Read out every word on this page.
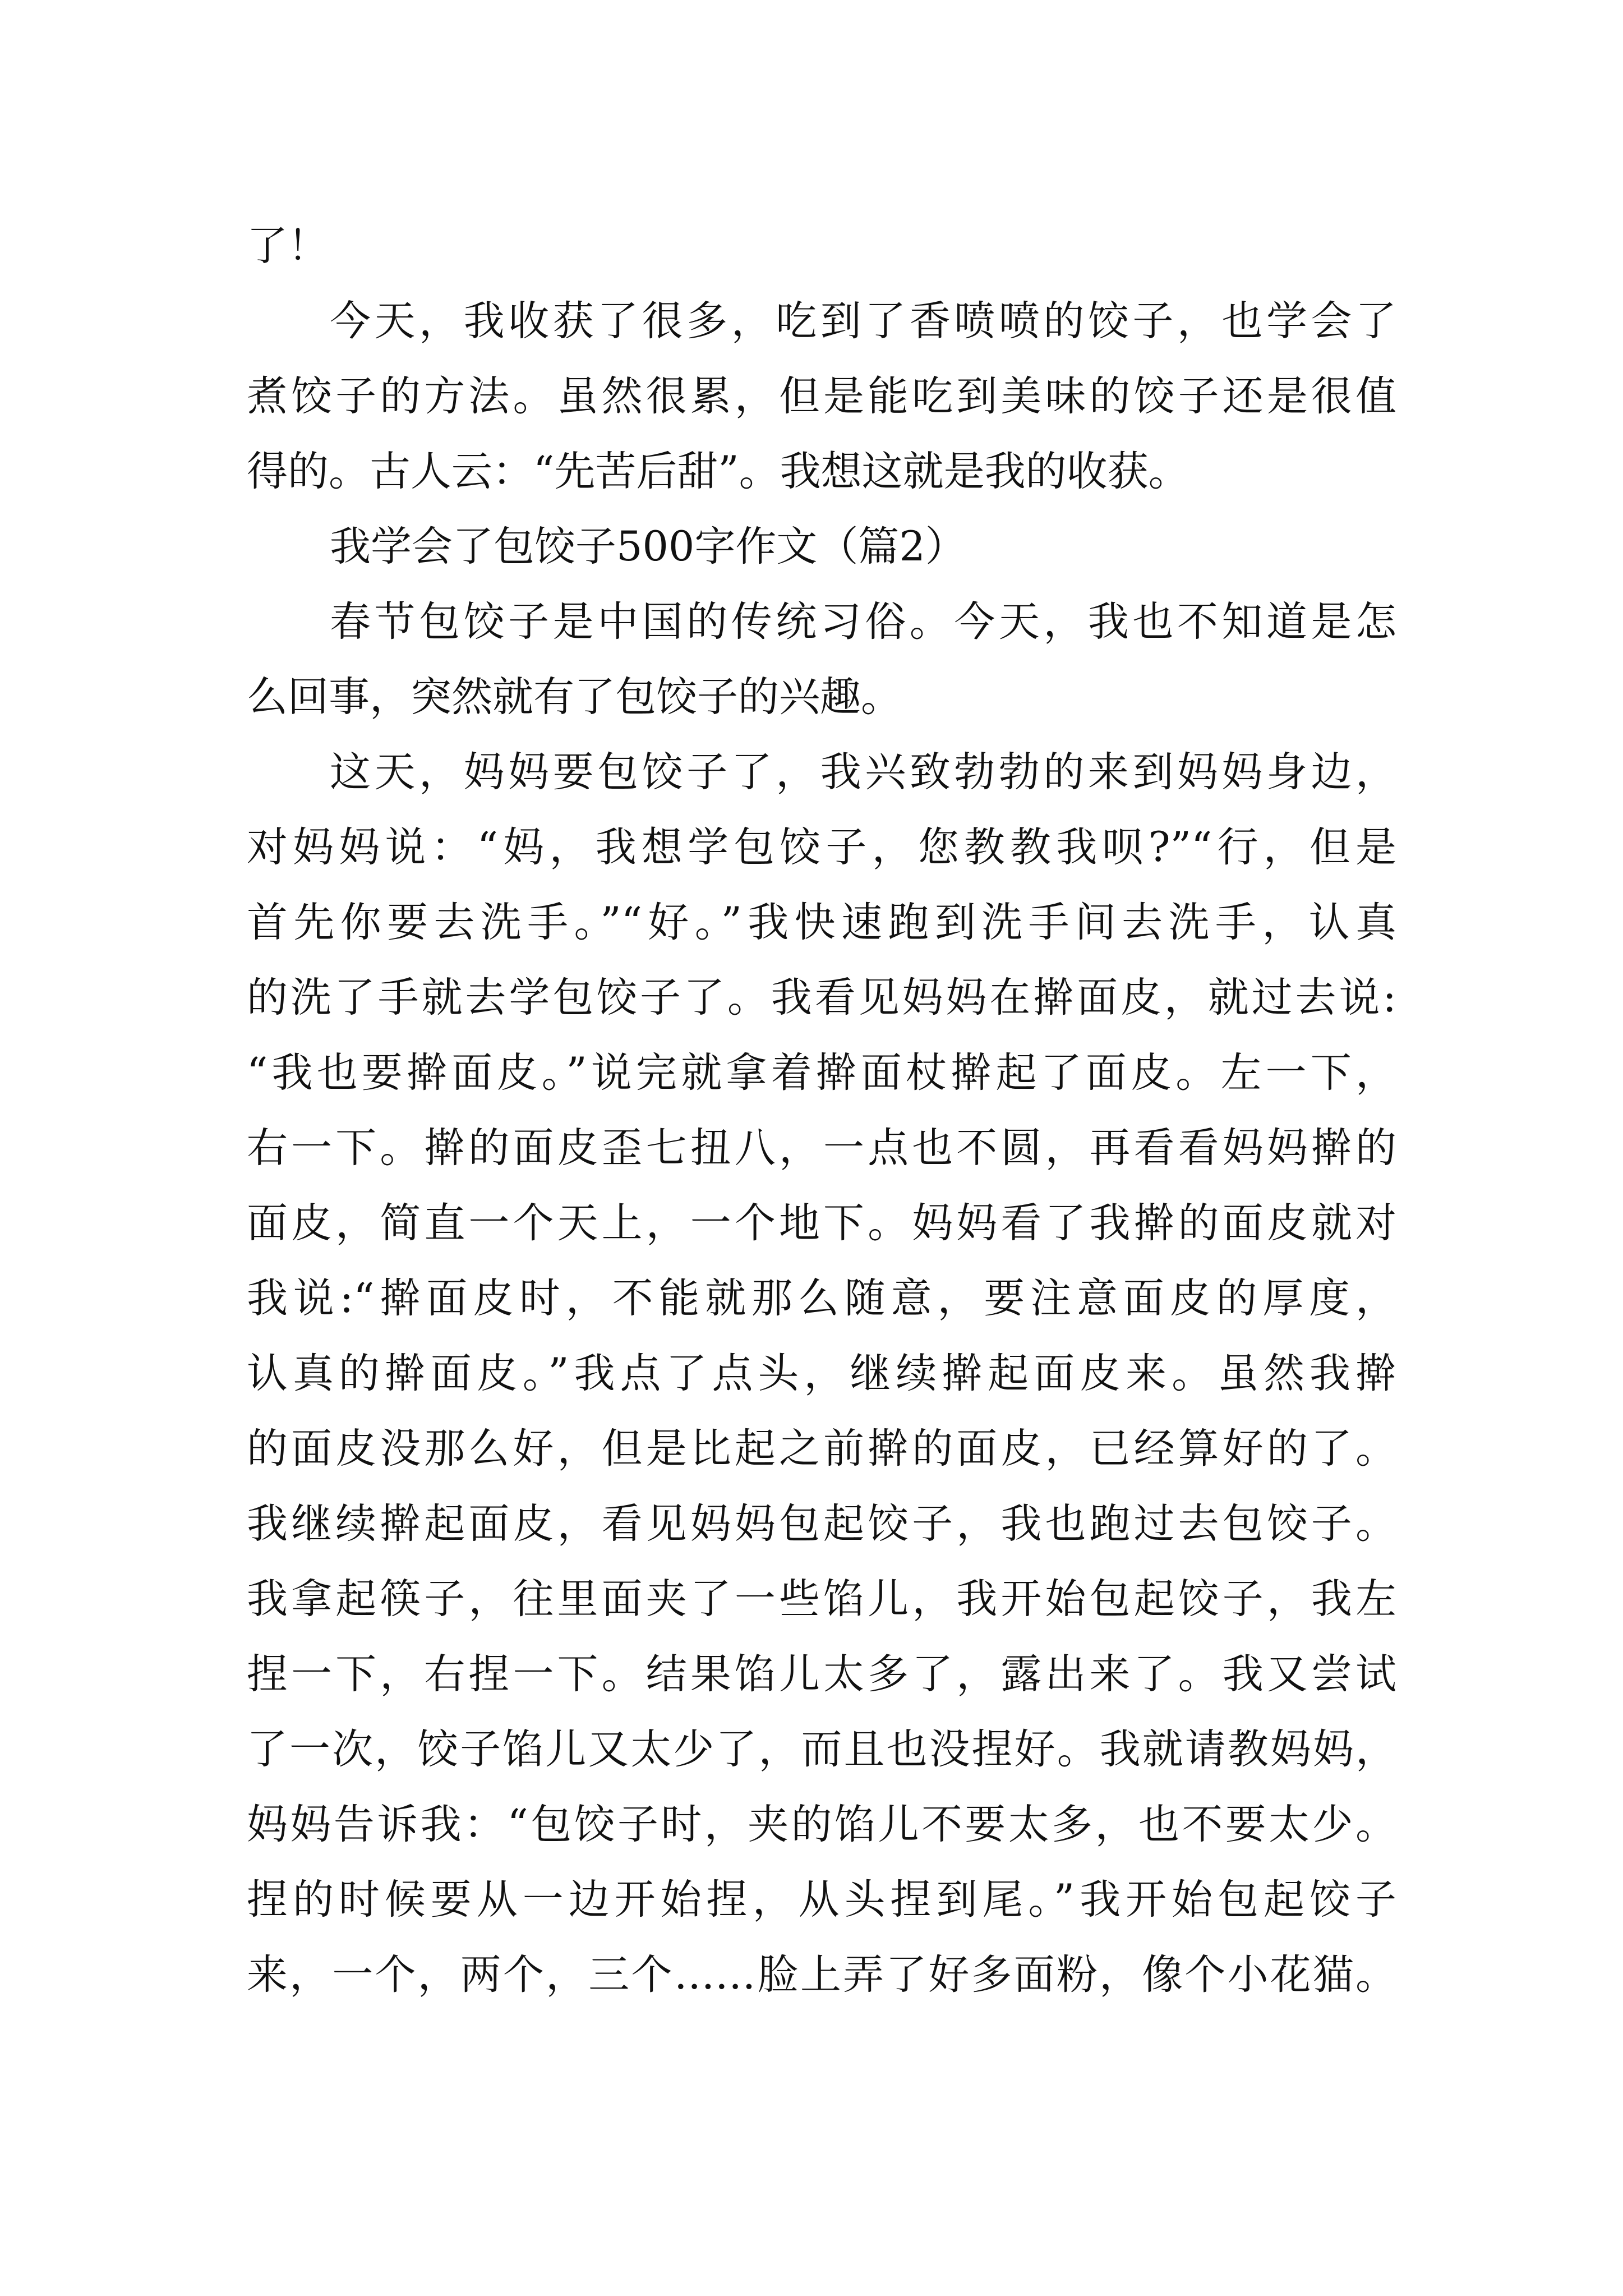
了！
今天，我收获了很多，吃到了香喷喷的饺子，也学会了
煮饺子的方法。虽然很累，但是能吃到美味的饺子还是很值
得的。古人云：“先苦后甜”。我想这就是我的收获。
我学会了包饺子500字作文（篇2）
春节包饺子是中国的传统习俗。今天，我也不知道是怎
么回事，突然就有了包饺子的兴趣。
这天，妈妈要包饺子了，我兴致勃勃的来到妈妈身边，
对妈妈说：“妈，我想学包饺子，您教教我呗?”“行，但是
首先你要去洗手。”“好。”我快速跑到洗手间去洗手，认真
的洗了手就去学包饺子了。我看见妈妈在擀面皮，就过去说:
“我也要擀面皮。”说完就拿着擀面杖擀起了面皮。左一下，
右一下。擀的面皮歪七扭八，一点也不圆，再看看妈妈擀的
面皮，简直一个天上，一个地下。妈妈看了我擀的面皮就对
我说:“擀面皮时，不能就那么随意，要注意面皮的厚度，
认真的擀面皮。”我点了点头，继续擀起面皮来。虽然我擀
的面皮没那么好，但是比起之前擀的面皮，已经算好的了。
我继续擀起面皮，看见妈妈包起饺子，我也跑过去包饺子。
我拿起筷子，往里面夹了一些馅儿，我开始包起饺子，我左
捏一下，右捏一下。结果馅儿太多了，露出来了。我又尝试
了一次，饺子馅儿又太少了，而且也没捏好。我就请教妈妈，
妈妈告诉我：“包饺子时，夹的馅儿不要太多，也不要太少。
捏的时候要从一边开始捏，从头捏到尾。”我开始包起饺子
来，一个，两个，三个……脸上弄了好多面粉，像个小花猫。
